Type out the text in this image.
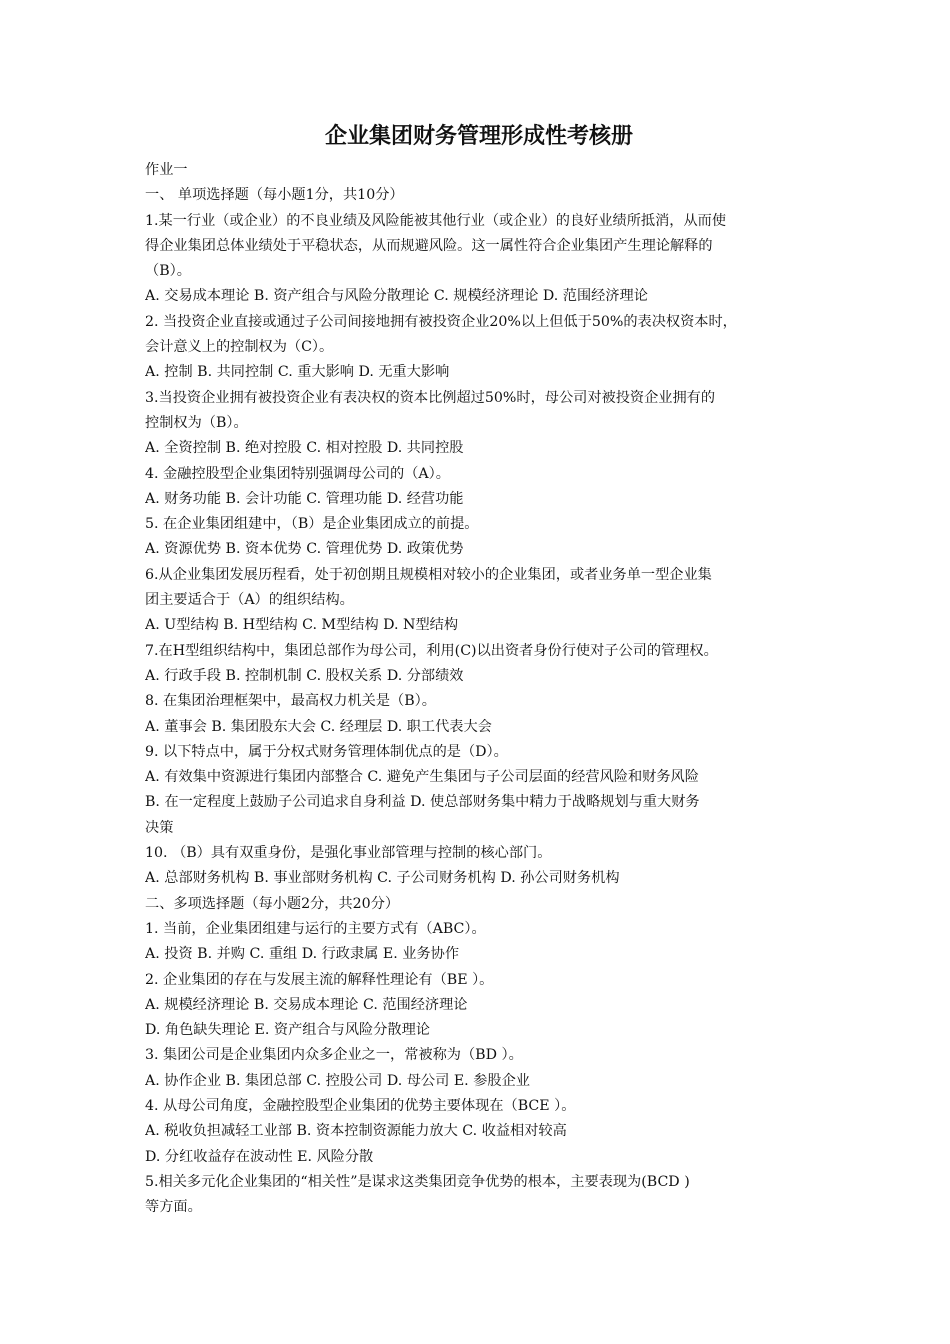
企业集团财务管理形成性考核册
作业一
一、 单项选择题（每小题1分，共10分）
1.某一行业（或企业）的不良业绩及风险能被其他行业（或企业）的良好业绩所抵消，从而使
得企业集团总体业绩处于平稳状态，从而规避风险。这一属性符合企业集团产生理论解释的
（B）。
A. 交易成本理论 B. 资产组合与风险分散理论 C. 规模经济理论 D. 范围经济理论
2. 当投资企业直接或通过子公司间接地拥有被投资企业20%以上但低于50%的表决权资本时，
会计意义上的控制权为（C）。
A. 控制 B. 共同控制 C. 重大影响 D. 无重大影响
3.当投资企业拥有被投资企业有表决权的资本比例超过50%时，母公司对被投资企业拥有的
控制权为（B）。
A. 全资控制 B. 绝对控股 C. 相对控股 D. 共同控股
4. 金融控股型企业集团特别强调母公司的（A）。
A. 财务功能 B. 会计功能 C. 管理功能 D. 经营功能
5. 在企业集团组建中，（B）是企业集团成立的前提。
A. 资源优势 B. 资本优势 C. 管理优势 D. 政策优势
6.从企业集团发展历程看，处于初创期且规模相对较小的企业集团，或者业务单一型企业集
团主要适合于（A）的组织结构。
A. U型结构 B. H型结构 C. M型结构 D. N型结构
7.在H型组织结构中，集团总部作为母公司，利用(C)以出资者身份行使对子公司的管理权。
A. 行政手段 B. 控制机制 C. 股权关系 D. 分部绩效
8. 在集团治理框架中，最高权力机关是（B）。
A. 董事会 B. 集团股东大会 C. 经理层 D. 职工代表大会
9. 以下特点中，属于分权式财务管理体制优点的是（D）。
A. 有效集中资源进行集团内部整合 C. 避免产生集团与子公司层面的经营风险和财务风险
B. 在一定程度上鼓励子公司追求自身利益 D. 使总部财务集中精力于战略规划与重大财务
决策
10. （B）具有双重身份，是强化事业部管理与控制的核心部门。
A. 总部财务机构 B. 事业部财务机构 C. 子公司财务机构 D. 孙公司财务机构
二、多项选择题（每小题2分，共20分）
1. 当前，企业集团组建与运行的主要方式有（ABC）。
A. 投资 B. 并购 C. 重组 D. 行政隶属 E. 业务协作
2. 企业集团的存在与发展主流的解释性理论有（BE ）。
A. 规模经济理论 B. 交易成本理论 C. 范围经济理论
D. 角色缺失理论 E. 资产组合与风险分散理论
3. 集团公司是企业集团内众多企业之一，常被称为（BD ）。
A. 协作企业 B. 集团总部 C. 控股公司 D. 母公司 E. 参股企业
4. 从母公司角度，金融控股型企业集团的优势主要体现在（BCE ）。
A. 税收负担减轻工业部 B. 资本控制资源能力放大 C. 收益相对较高
D. 分红收益存在波动性 E. 风险分散
5.相关多元化企业集团的“相关性”是谋求这类集团竞争优势的根本，主要表现为(BCD )
等方面。
